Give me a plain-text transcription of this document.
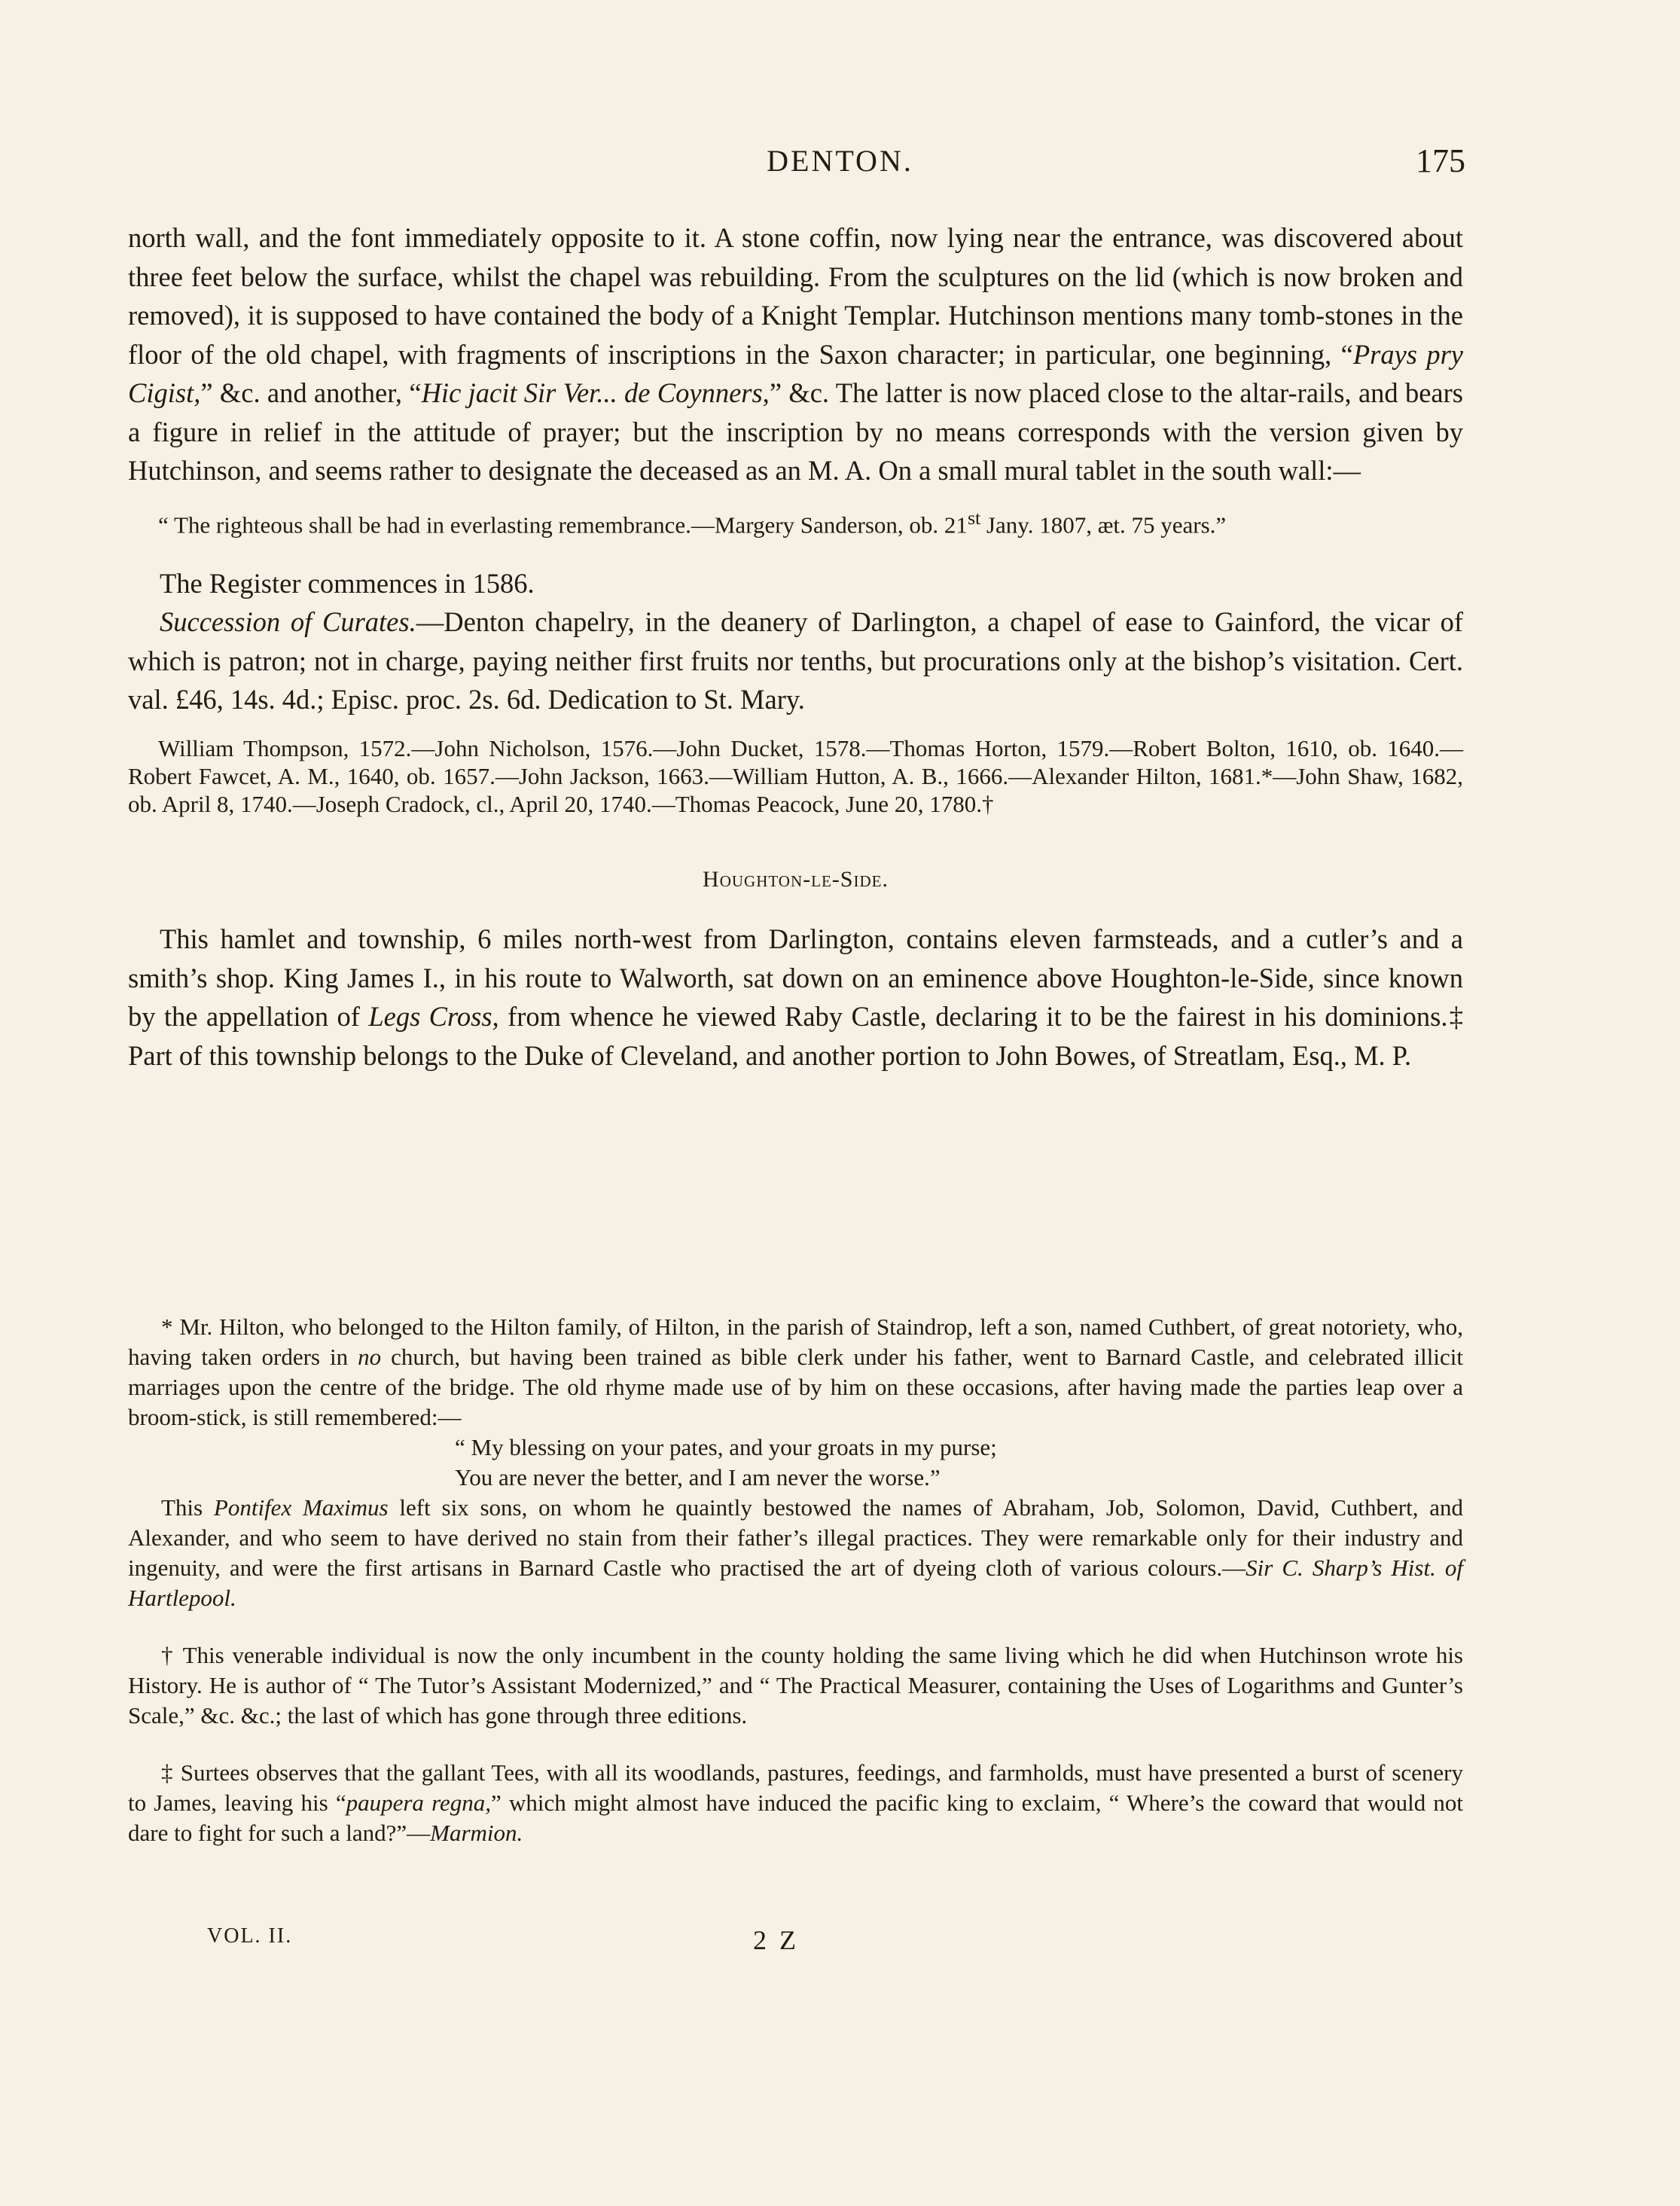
DENTON.	175

north wall, and the font immediately opposite to it. A stone coffin, now lying near the entrance, was discovered about three feet below the surface, whilst the chapel was rebuilding. From the sculptures on the lid (which is now broken and removed), it is supposed to have contained the body of a Knight Templar. Hutchinson mentions many tomb-stones in the floor of the old chapel, with fragments of inscriptions in the Saxon character; in particular, one beginning, “Prays pry Cigist,” &c. and another, “Hic jacit Sir Ver... de Coynners,” &c. The latter is now placed close to the altar-rails, and bears a figure in relief in the attitude of prayer; but the inscription by no means corresponds with the version given by Hutchinson, and seems rather to designate the deceased as an M. A. On a small mural tablet in the south wall:—

“ The righteous shall be had in everlasting remembrance.—Margery Sanderson, ob. 21st Jany. 1807, æt. 75 years.”

The Register commences in 1586.

Succession of Curates.—Denton chapelry, in the deanery of Darlington, a chapel of ease to Gainford, the vicar of which is patron; not in charge, paying neither first fruits nor tenths, but procurations only at the bishop’s visitation. Cert. val. £46, 14s. 4d.; Episc. proc. 2s. 6d. Dedication to St. Mary.

William Thompson, 1572.—John Nicholson, 1576.—John Ducket, 1578.—Thomas Horton, 1579.—Robert Bolton, 1610, ob. 1640.—Robert Fawcet, A. M., 1640, ob. 1657.—John Jackson, 1663.—William Hutton, A. B., 1666.—Alexander Hilton, 1681.*—John Shaw, 1682, ob. April 8, 1740.—Joseph Cradock, cl., April 20, 1740.—Thomas Peacock, June 20, 1780.†

Houghton-le-Side.

This hamlet and township, 6 miles north-west from Darlington, contains eleven farmsteads, and a cutler’s and a smith’s shop. King James I., in his route to Walworth, sat down on an eminence above Houghton-le-Side, since known by the appellation of Legs Cross, from whence he viewed Raby Castle, declaring it to be the fairest in his dominions.‡ Part of this township belongs to the Duke of Cleveland, and another portion to John Bowes, of Streatlam, Esq., M. P.

* Mr. Hilton, who belonged to the Hilton family, of Hilton, in the parish of Staindrop, left a son, named Cuthbert, of great notoriety, who, having taken orders in no church, but having been trained as bible clerk under his father, went to Barnard Castle, and celebrated illicit marriages upon the centre of the bridge. The old rhyme made use of by him on these occasions, after having made the parties leap over a broom-stick, is still remembered:—

“ My blessing on your pates, and your groats in my purse;
You are never the better, and I am never the worse.”

This Pontifex Maximus left six sons, on whom he quaintly bestowed the names of Abraham, Job, Solomon, David, Cuthbert, and Alexander, and who seem to have derived no stain from their father’s illegal practices. They were remarkable only for their industry and ingenuity, and were the first artisans in Barnard Castle who practised the art of dyeing cloth of various colours.—Sir C. Sharp’s Hist. of Hartlepool.

† This venerable individual is now the only incumbent in the county holding the same living which he did when Hutchinson wrote his History. He is author of “ The Tutor’s Assistant Modernized,” and “ The Practical Measurer, containing the Uses of Logarithms and Gunter’s Scale,” &c. &c.; the last of which has gone through three editions.

‡ Surtees observes that the gallant Tees, with all its woodlands, pastures, feedings, and farmholds, must have presented a burst of scenery to James, leaving his “paupera regna,” which might almost have induced the pacific king to exclaim, “ Where’s the coward that would not dare to fight for such a land?”—Marmion.

VOL. II.	2 Z
